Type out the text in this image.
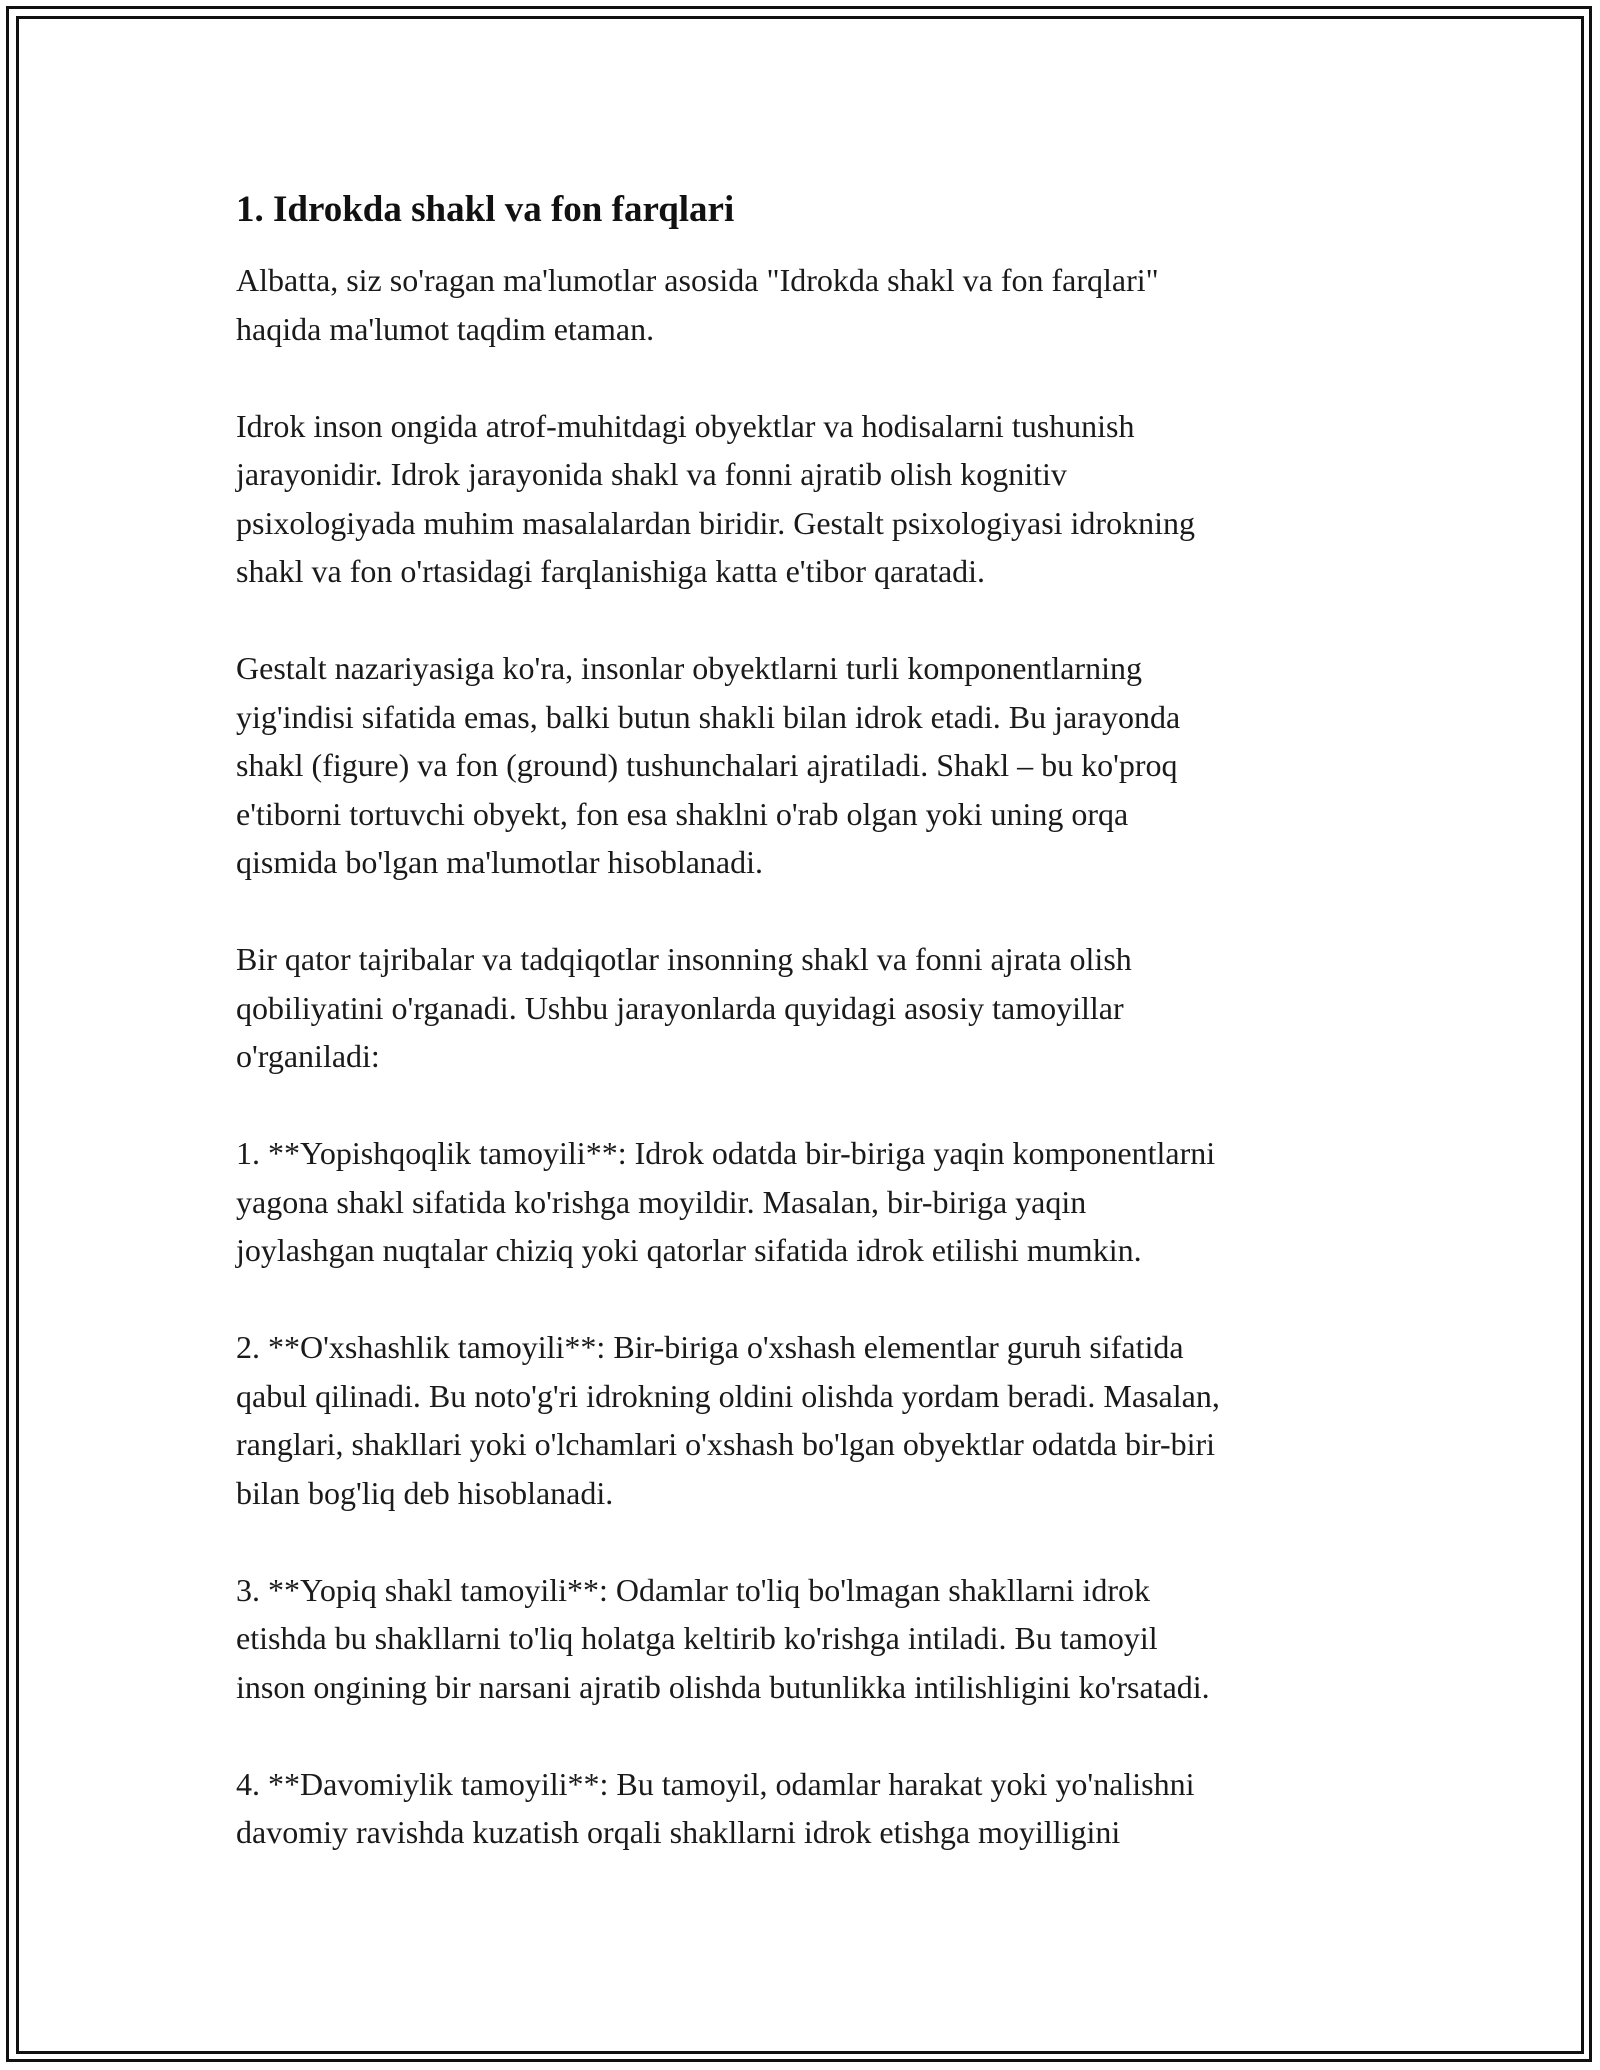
1. Idrokda shakl va fon farqlari

Albatta, siz so'ragan ma'lumotlar asosida "Idrokda shakl va fon farqlari"
haqida ma'lumot taqdim etaman.

Idrok inson ongida atrof-muhitdagi obyektlar va hodisalarni tushunish
jarayonidir. Idrok jarayonida shakl va fonni ajratib olish kognitiv
psixologiyada muhim masalalardan biridir. Gestalt psixologiyasi idrokning
shakl va fon o'rtasidagi farqlanishiga katta e'tibor qaratadi.

Gestalt nazariyasiga ko'ra, insonlar obyektlarni turli komponentlarning
yig'indisi sifatida emas, balki butun shakli bilan idrok etadi. Bu jarayonda
shakl (figure) va fon (ground) tushunchalari ajratiladi. Shakl – bu ko'proq
e'tiborni tortuvchi obyekt, fon esa shaklni o'rab olgan yoki uning orqa
qismida bo'lgan ma'lumotlar hisoblanadi.

Bir qator tajribalar va tadqiqotlar insonning shakl va fonni ajrata olish
qobiliyatini o'rganadi. Ushbu jarayonlarda quyidagi asosiy tamoyillar
o'rganiladi:

1. **Yopishqoqlik tamoyili**: Idrok odatda bir-biriga yaqin komponentlarni
yagona shakl sifatida ko'rishga moyildir. Masalan, bir-biriga yaqin
joylashgan nuqtalar chiziq yoki qatorlar sifatida idrok etilishi mumkin.

2. **O'xshashlik tamoyili**: Bir-biriga o'xshash elementlar guruh sifatida
qabul qilinadi. Bu noto'g'ri idrokning oldini olishda yordam beradi. Masalan,
ranglari, shakllari yoki o'lchamlari o'xshash bo'lgan obyektlar odatda bir-biri
bilan bog'liq deb hisoblanadi.

3. **Yopiq shakl tamoyili**: Odamlar to'liq bo'lmagan shakllarni idrok
etishda bu shakllarni to'liq holatga keltirib ko'rishga intiladi. Bu tamoyil
inson ongining bir narsani ajratib olishda butunlikka intilishligini ko'rsatadi.

4. **Davomiylik tamoyili**: Bu tamoyil, odamlar harakat yoki yo'nalishni
davomiy ravishda kuzatish orqali shakllarni idrok etishga moyilligini
